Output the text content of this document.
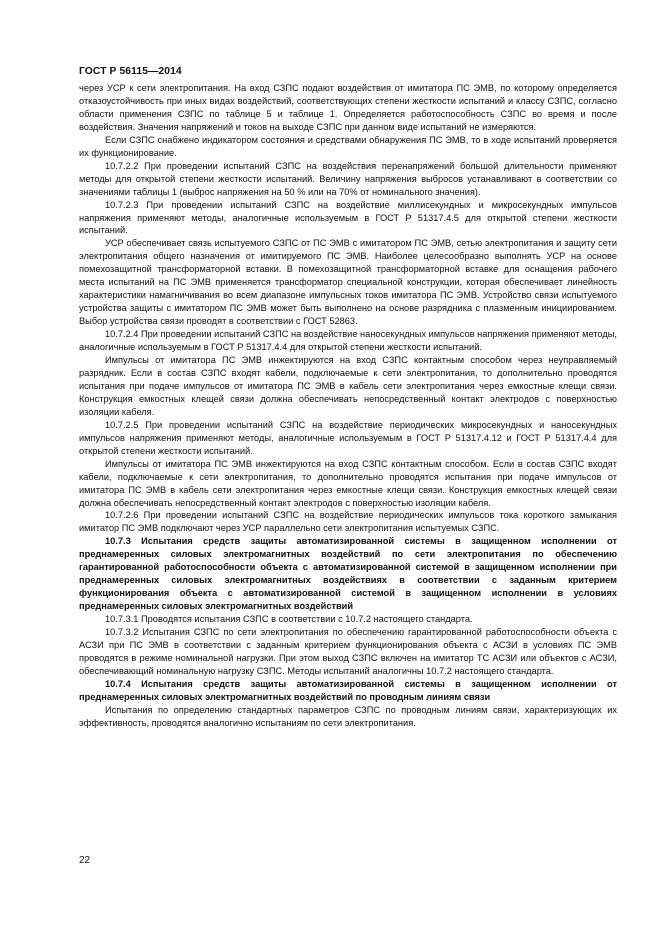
ГОСТ Р 56115—2014

через УСР к сети электропитания. На вход СЗПС подают воздействия от имитатора ПС ЭМВ, по которому определяется отказоустойчивость при иных видах воздействий, соответствующих степени жесткости испытаний и классу СЗПС, согласно области применения СЗПС по таблице 5 и таблице 1. Определяется работоспособность СЗПС во время и после воздействия. Значения напряжений и токов на выходе СЗПС при данном виде испытаний не измеряются.

Если СЗПС снабжено индикатором состояния и средствами обнаружения ПС ЭМВ, то в ходе испытаний проверяется их функционирование.

10.7.2.2 При проведении испытаний СЗПС на воздействия перенапряжений большой длительности применяют методы для открытой степени жесткости испытаний. Величину напряжения выбросов устанавливают в соответствии со значениями таблицы 1 (выброс напряжения на 50 % или на 70% от номинального значения).

10.7.2.3 При проведении испытаний СЗПС на воздействие миллисекундных и микросекундных импульсов напряжения применяют методы, аналогичные используемым в ГОСТ Р 51317.4.5 для открытой степени жесткости испытаний.

УСР обеспечивает связь испытуемого СЗПС от ПС ЭМВ с имитатором ПС ЭМВ, сетью электропитания и защиту сети электропитания общего назначения от имитируемого ПС ЭМВ. Наиболее целесообразно выполнять УСР на основе помехозащитной трансформаторной вставки. В помехозащитной трансформаторной вставке для оснащения рабочего места испытаний на ПС ЭМВ применяется трансформатор специальной конструкции, которая обеспечивает линейность характеристики намагничивания во всем диапазоне импульсных токов имитатора ПС ЭМВ. Устройство связи испытуемого устройства защиты с имитатором ПС ЭМВ может быть выполнено на основе разрядника с плазменным инициированием. Выбор устройства связи проводят в соответствии с ГОСТ 52863.

10.7.2.4 При проведении испытаний СЗПС на воздействие наносекундных импульсов напряжения применяют методы, аналогичные используемым в ГОСТ Р 51317.4.4 для открытой степени жесткости испытаний.

Импульсы от имитатора ПС ЭМВ инжектируются на вход СЗПС контактным способом через неуправляемый разрядник. Если в состав СЗПС входят кабели, подключаемые к сети электропитания, то дополнительно проводятся испытания при подаче импульсов от имитатора ПС ЭМВ в кабель сети электропитания через емкостные клещи связи. Конструкция емкостных клещей связи должна обеспечивать непосредственный контакт электродов с поверхностью изоляции кабеля.

10.7.2.5 При проведении испытаний СЗПС на воздействие периодических микросекундных и наносекундных импульсов напряжения применяют методы, аналогичные используемым в ГОСТ Р 51317.4.12 и ГОСТ Р 51317.4.4 для открытой степени жесткости испытаний.

Импульсы от имитатора ПС ЭМВ инжектируются на вход СЗПС контактным способом. Если в состав СЗПС входят кабели, подключаемые к сети электропитания, то дополнительно проводятся испытания при подаче импульсов от имитатора ПС ЭМВ в кабель сети электропитания через емкостные клещи связи. Конструкция емкостных клещей связи должна обеспечивать непосредственный контакт электродов с поверхностью изоляции кабеля.

10.7.2.6 При проведении испытаний СЗПС на воздействие периодических импульсов тока короткого замыкания имитатор ПС ЭМВ подключают через УСР параллельно сети электропитания испытуемых СЗПС.

10.7.3 Испытания средств защиты автоматизированной системы в защищенном исполнении от преднамеренных силовых электромагнитных воздействий по сети электропитания по обеспечению гарантированной работоспособности объекта с автоматизированной системой в защищенном исполнении при преднамеренных силовых электромагнитных воздействиях в соответствии с заданным критерием функционирования объекта с автоматизированной системой в защищенном исполнении в условиях преднамеренных силовых электромагнитных воздействий

10.7.3.1 Проводятся испытания СЗПС в соответствии с 10.7.2 настоящего стандарта.

10.7.3.2 Испытания СЗПС по сети электропитания по обеспечению гарантированной работоспособности объекта с АСЗИ при ПС ЭМВ в соответствии с заданным критерием функционирования объекта с АСЗИ в условиях ПС ЭМВ проводятся в режиме номинальной нагрузки. При этом выход СЗПС включен на имитатор ТС АСЗИ или объектов с АСЗИ, обеспечивающий номинальную нагрузку СЗПС. Методы испытаний аналогичны 10.7.2 настоящего стандарта.

10.7.4 Испытания средств защиты автоматизированной системы в защищенном исполнении от преднамеренных силовых электромагнитных воздействий по проводным линиям связи

Испытания по определению стандартных параметров СЗПС по проводным линиям связи, характеризующих их эффективность, проводятся аналогично испытаниям по сети электропитания.

22
